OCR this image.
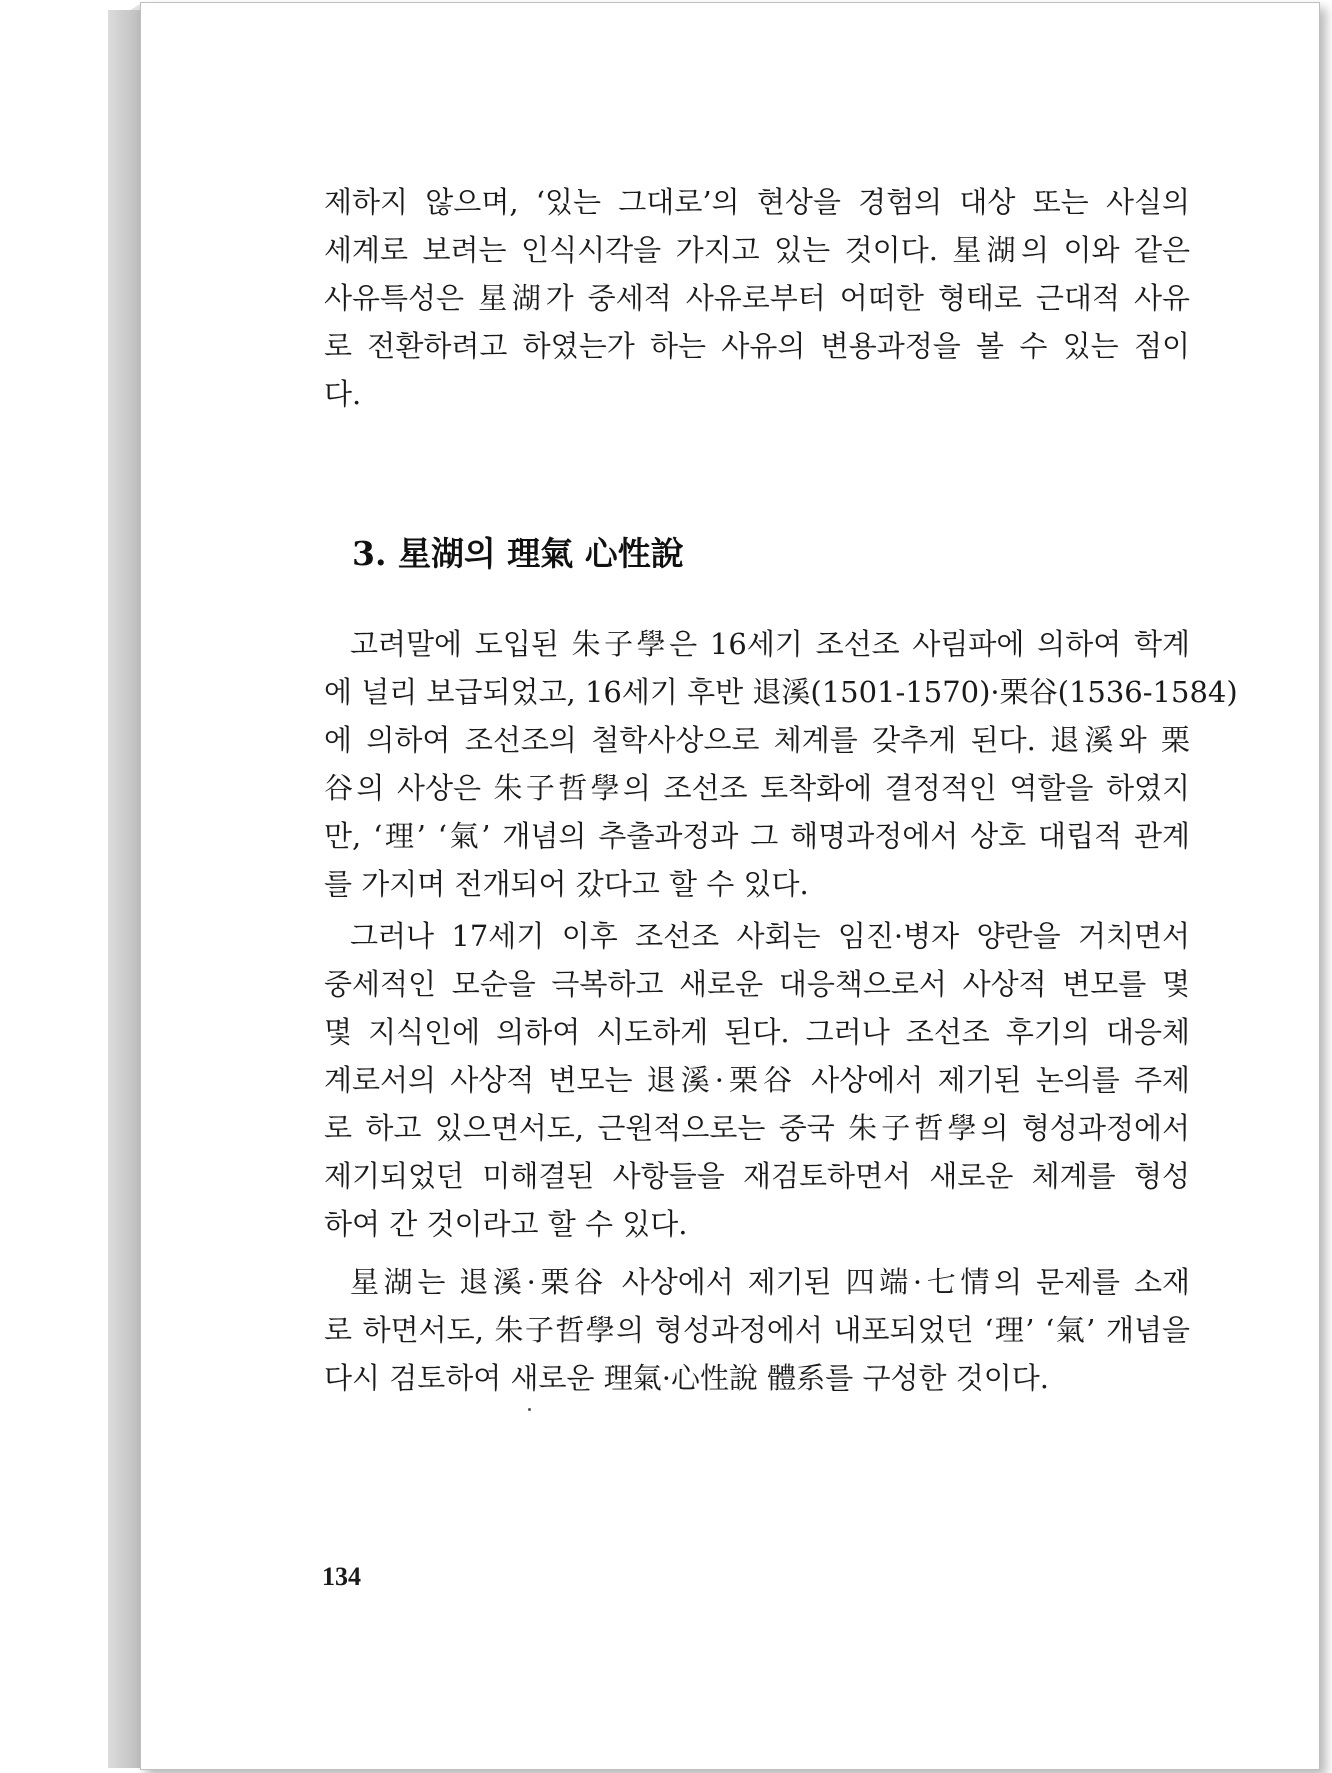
제하지 않으며, ‘있는 그대로’의 현상을 경험의 대상 또는 사실의
세계로 보려는 인식시각을 가지고 있는 것이다. 星湖의 이와 같은
사유특성은 星湖가 중세적 사유로부터 어떠한 형태로 근대적 사유
로 전환하려고 하였는가 하는 사유의 변용과정을 볼 수 있는 점이
다.
3. 星湖의 理氣 心性說
고려말에 도입된 朱子學은 16세기 조선조 사림파에 의하여 학계
에 널리 보급되었고, 16세기 후반 退溪(1501-1570)·栗谷(1536-1584)
에 의하여 조선조의 철학사상으로 체계를 갖추게 된다. 退溪와 栗
谷의 사상은 朱子哲學의 조선조 토착화에 결정적인 역할을 하였지
만, ‘理’ ‘氣’ 개념의 추출과정과 그 해명과정에서 상호 대립적 관계
를 가지며 전개되어 갔다고 할 수 있다.
그러나 17세기 이후 조선조 사회는 임진·병자 양란을 거치면서
중세적인 모순을 극복하고 새로운 대응책으로서 사상적 변모를 몇
몇 지식인에 의하여 시도하게 된다. 그러나 조선조 후기의 대응체
계로서의 사상적 변모는 退溪·栗谷 사상에서 제기된 논의를 주제
로 하고 있으면서도, 근원적으로는 중국 朱子哲學의 형성과정에서
제기되었던 미해결된 사항들을 재검토하면서 새로운 체계를 형성
하여 간 것이라고 할 수 있다.
星湖는 退溪·栗谷 사상에서 제기된 四端·七情의 문제를 소재
로 하면서도, 朱子哲學의 형성과정에서 내포되었던 ‘理’ ‘氣’ 개념을
다시 검토하여 새로운 理氣·心性說 體系를 구성한 것이다.
134
